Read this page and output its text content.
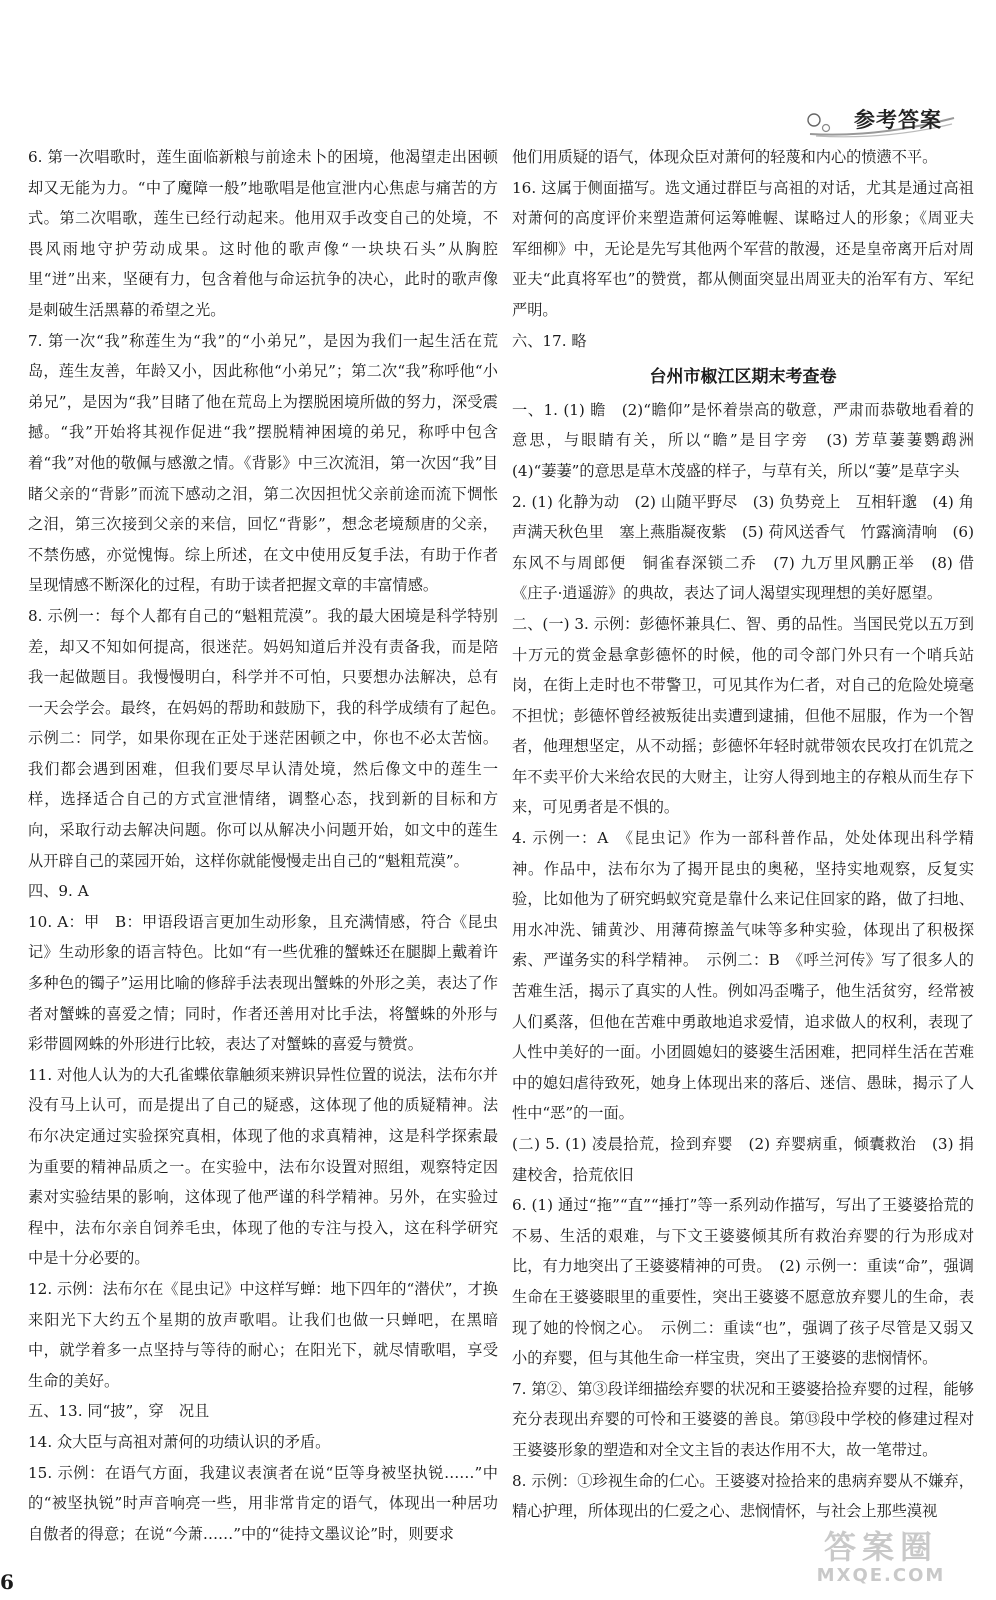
参考答案

6. 第一次唱歌时，莲生面临新粮与前途未卜的困境，他渴望走出困顿却又无能为力。“中了魔障一般”地歌唱是他宣泄内心焦虑与痛苦的方式。第二次唱歌，莲生已经行动起来。他用双手改变自己的处境，不畏风雨地守护劳动成果。这时他的歌声像“一块块石头”从胸腔里“迸”出来，坚硬有力，包含着他与命运抗争的决心，此时的歌声像是刺破生活黑幕的希望之光。

7. 第一次“我”称莲生为“我”的“小弟兄”，是因为我们一起生活在荒岛，莲生友善，年龄又小，因此称他“小弟兄”；第二次“我”称呼他“小弟兄”，是因为“我”目睹了他在荒岛上为摆脱困境所做的努力，深受震撼。“我”开始将其视作促进“我”摆脱精神困境的弟兄，称呼中包含着“我”对他的敬佩与感激之情。《背影》中三次流泪，第一次因“我”目睹父亲的“背影”而流下感动之泪，第二次因担忧父亲前途而流下惆怅之泪，第三次接到父亲的来信，回忆“背影”，想念老境颓唐的父亲，不禁伤感，亦觉愧悔。综上所述，在文中使用反复手法，有助于作者呈现情感不断深化的过程，有助于读者把握文章的丰富情感。

8. 示例一：每个人都有自己的“魁粗荒漠”。我的最大困境是科学特别差，却又不知如何提高，很迷茫。妈妈知道后并没有责备我，而是陪我一起做题目。我慢慢明白，科学并不可怕，只要想办法解决，总有一天会学会。最终，在妈妈的帮助和鼓励下，我的科学成绩有了起色。　示例二：同学，如果你现在正处于迷茫困顿之中，你也不必太苦恼。我们都会遇到困难，但我们要尽早认清处境，然后像文中的莲生一样，选择适合自己的方式宣泄情绪，调整心态，找到新的目标和方向，采取行动去解决问题。你可以从解决小问题开始，如文中的莲生从开辟自己的菜园开始，这样你就能慢慢走出自己的“魁粗荒漠”。

四、9. A

10. A：甲　B：甲语段语言更加生动形象，且充满情感，符合《昆虫记》生动形象的语言特色。比如“有一些优雅的蟹蛛还在腿脚上戴着许多种色的镯子”运用比喻的修辞手法表现出蟹蛛的外形之美，表达了作者对蟹蛛的喜爱之情；同时，作者还善用对比手法，将蟹蛛的外形与彩带圆网蛛的外形进行比较，表达了对蟹蛛的喜爱与赞赏。

11. 对他人认为的大孔雀蝶依靠触须来辨识异性位置的说法，法布尔并没有马上认可，而是提出了自己的疑惑，这体现了他的质疑精神。法布尔决定通过实验探究真相，体现了他的求真精神，这是科学探索最为重要的精神品质之一。在实验中，法布尔设置对照组，观察特定因素对实验结果的影响，这体现了他严谨的科学精神。另外，在实验过程中，法布尔亲自饲养毛虫，体现了他的专注与投入，这在科学研究中是十分必要的。

12. 示例：法布尔在《昆虫记》中这样写蝉：地下四年的“潜伏”，才换来阳光下大约五个星期的放声歌唱。让我们也做一只蝉吧，在黑暗中，就学着多一点坚持与等待的耐心；在阳光下，就尽情歌唱，享受生命的美好。

五、13. 同“披”，穿　况且

14. 众大臣与高祖对萧何的功绩认识的矛盾。

15. 示例：在语气方面，我建议表演者在说“臣等身被坚执锐……”中的“被坚执锐”时声音响亮一些，用非常肯定的语气，体现出一种居功自傲者的得意；在说“今萧……”中的“徒持文墨议论”时，则要求

他们用质疑的语气，体现众臣对萧何的轻蔑和内心的愤懑不平。

16. 这属于侧面描写。选文通过群臣与高祖的对话，尤其是通过高祖对萧何的高度评价来塑造萧何运筹帷幄、谋略过人的形象；《周亚夫军细柳》中，无论是先写其他两个军营的散漫，还是皇帝离开后对周亚夫“此真将军也”的赞赏，都从侧面突显出周亚夫的治军有方、军纪严明。

六、17. 略

台州市椒江区期末考查卷

一、1. (1) 瞻　(2)“瞻仰”是怀着崇高的敬意，严肃而恭敬地看着的意思，与眼睛有关，所以“瞻”是目字旁　(3) 芳草萋萋鹦鹉洲　(4)“萋萋”的意思是草木茂盛的样子，与草有关，所以“萋”是草字头

2. (1) 化静为动　(2) 山随平野尽　(3) 负势竞上　互相轩邈　(4) 角声满天秋色里　塞上燕脂凝夜紫　(5) 荷风送香气　竹露滴清响　(6) 东风不与周郎便　铜雀春深锁二乔　(7) 九万里风鹏正举　(8) 借《庄子·逍遥游》的典故，表达了词人渴望实现理想的美好愿望。

二、(一) 3. 示例：彭德怀兼具仁、智、勇的品性。当国民党以五万到十万元的赏金悬拿彭德怀的时候，他的司令部门外只有一个哨兵站岗，在街上走时也不带警卫，可见其作为仁者，对自己的危险处境毫不担忧；彭德怀曾经被叛徒出卖遭到逮捕，但他不屈服，作为一个智者，他理想坚定，从不动摇；彭德怀年轻时就带领农民攻打在饥荒之年不卖平价大米给农民的大财主，让穷人得到地主的存粮从而生存下来，可见勇者是不惧的。

4. 示例一：A　《昆虫记》作为一部科普作品，处处体现出科学精神。作品中，法布尔为了揭开昆虫的奥秘，坚持实地观察，反复实验，比如他为了研究蚂蚁究竟是靠什么来记住回家的路，做了扫地、用水冲洗、铺黄沙、用薄荷擦盖气味等多种实验，体现出了积极探索、严谨务实的科学精神。　示例二：B　《呼兰河传》写了很多人的苦难生活，揭示了真实的人性。例如冯歪嘴子，他生活贫穷，经常被人们奚落，但他在苦难中勇敢地追求爱情，追求做人的权利，表现了人性中美好的一面。小团圆媳妇的婆婆生活困难，把同样生活在苦难中的媳妇虐待致死，她身上体现出来的落后、迷信、愚昧，揭示了人性中“恶”的一面。

(二) 5. (1) 凌晨拾荒，捡到弃婴　(2) 弃婴病重，倾囊救治　(3) 捐建校舍，拾荒依旧

6. (1) 通过“拖”“直”“捶打”等一系列动作描写，写出了王婆婆拾荒的不易、生活的艰难，与下文王婆婆倾其所有救治弃婴的行为形成对比，有力地突出了王婆婆精神的可贵。　(2) 示例一：重读“命”，强调生命在王婆婆眼里的重要性，突出王婆婆不愿意放弃婴儿的生命，表现了她的怜悯之心。　示例二：重读“也”，强调了孩子尽管是又弱又小的弃婴，但与其他生命一样宝贵，突出了王婆婆的悲悯情怀。

7. 第②、第③段详细描绘弃婴的状况和王婆婆拾捡弃婴的过程，能够充分表现出弃婴的可怜和王婆婆的善良。第⑬段中学校的修建过程对王婆婆形象的塑造和对全文主旨的表达作用不大，故一笔带过。

8. 示例：①珍视生命的仁心。王婆婆对捡拾来的患病弃婴从不嫌弃，精心护理，所体现出的仁爱之心、悲悯情怀，与社会上那些漠视

6
答案圈
MXQE.COM
